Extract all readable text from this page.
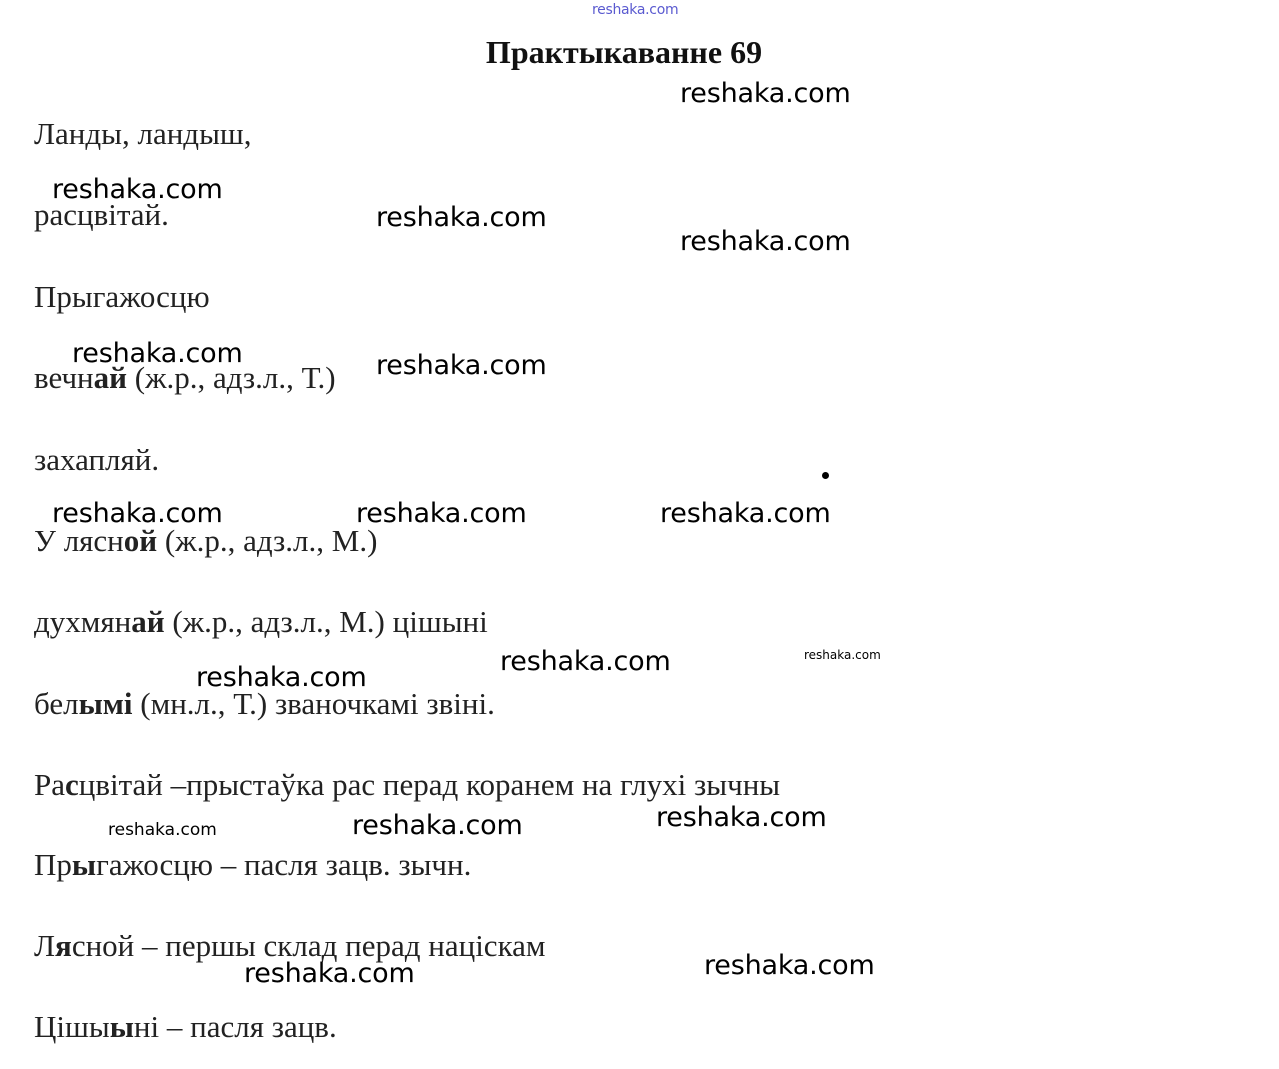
reshaka.com
Практыкаванне 69
Ланды, ландыш,
расцвітай.
Прыгажосцю
вечнай (ж.р., адз.л., Т.)
захапляй.
У лясной (ж.р., адз.л., М.)
духмянай (ж.р., адз.л., М.) цішыні
белымі (мн.л., Т.) званочкамі звіні.
Расцвітай –прыстаўка рас перад коранем на глухі зычны
Прыгажосцю – пасля зацв. зычн.
Лясной – першы склад перад націскам
Цішыыні – пасля зацв.
reshaka.com
reshaka.com
reshaka.com
reshaka.com
reshaka.com	reshaka.com
reshaka.com	reshaka.com	reshaka.com
reshaka.com	reshaka.com
reshaka.com
reshaka.com	reshaka.com	reshaka.com
reshaka.com	reshaka.com
